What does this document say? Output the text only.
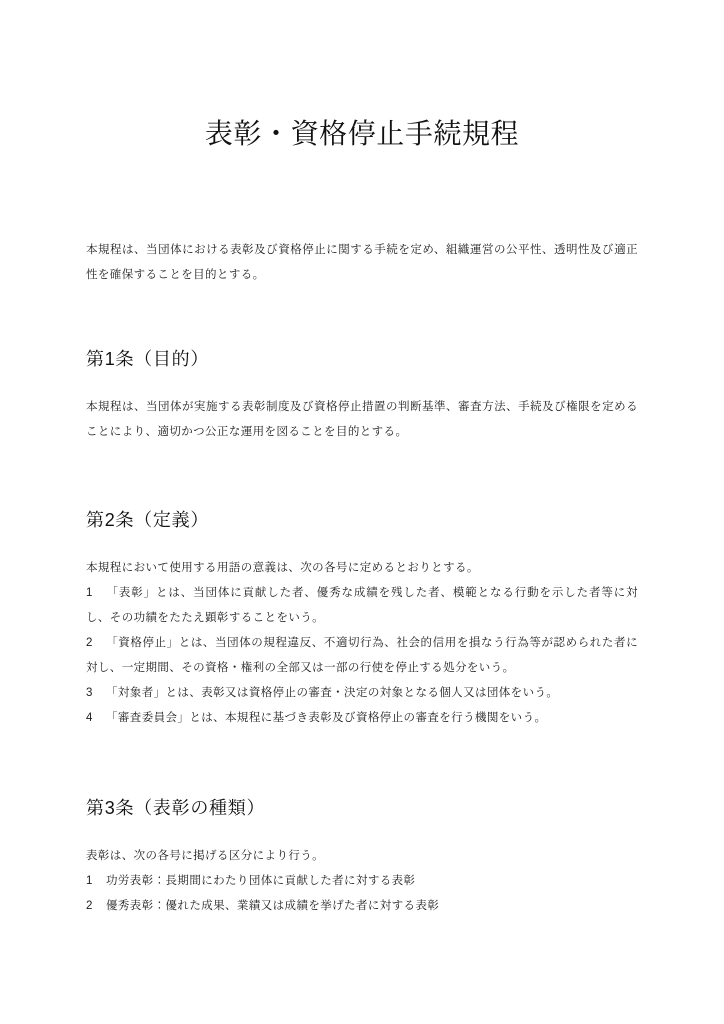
表彰・資格停止手続規程

本規程は、当団体における表彰及び資格停止に関する手続を定め、組織運営の公平性、透明性及び適正性を確保することを目的とする。

第1条（目的）

本規程は、当団体が実施する表彰制度及び資格停止措置の判断基準、審査方法、手続及び権限を定めることにより、適切かつ公正な運用を図ることを目的とする。

第2条（定義）

本規程において使用する用語の意義は、次の各号に定めるとおりとする。

1 「表彰」とは、当団体に貢献した者、優秀な成績を残した者、模範となる行動を示した者等に対し、その功績をたたえ顕彰することをいう。
2 「資格停止」とは、当団体の規程違反、不適切行為、社会的信用を損なう行為等が認められた者に対し、一定期間、その資格・権利の全部又は一部の行使を停止する処分をいう。
3 「対象者」とは、表彰又は資格停止の審査・決定の対象となる個人又は団体をいう。
4 「審査委員会」とは、本規程に基づき表彰及び資格停止の審査を行う機関をいう。
第3条（表彰の種類）

表彰は、次の各号に掲げる区分により行う。

1 功労表彰：長期間にわたり団体に貢献した者に対する表彰
2 優秀表彰：優れた成果、業績又は成績を挙げた者に対する表彰
